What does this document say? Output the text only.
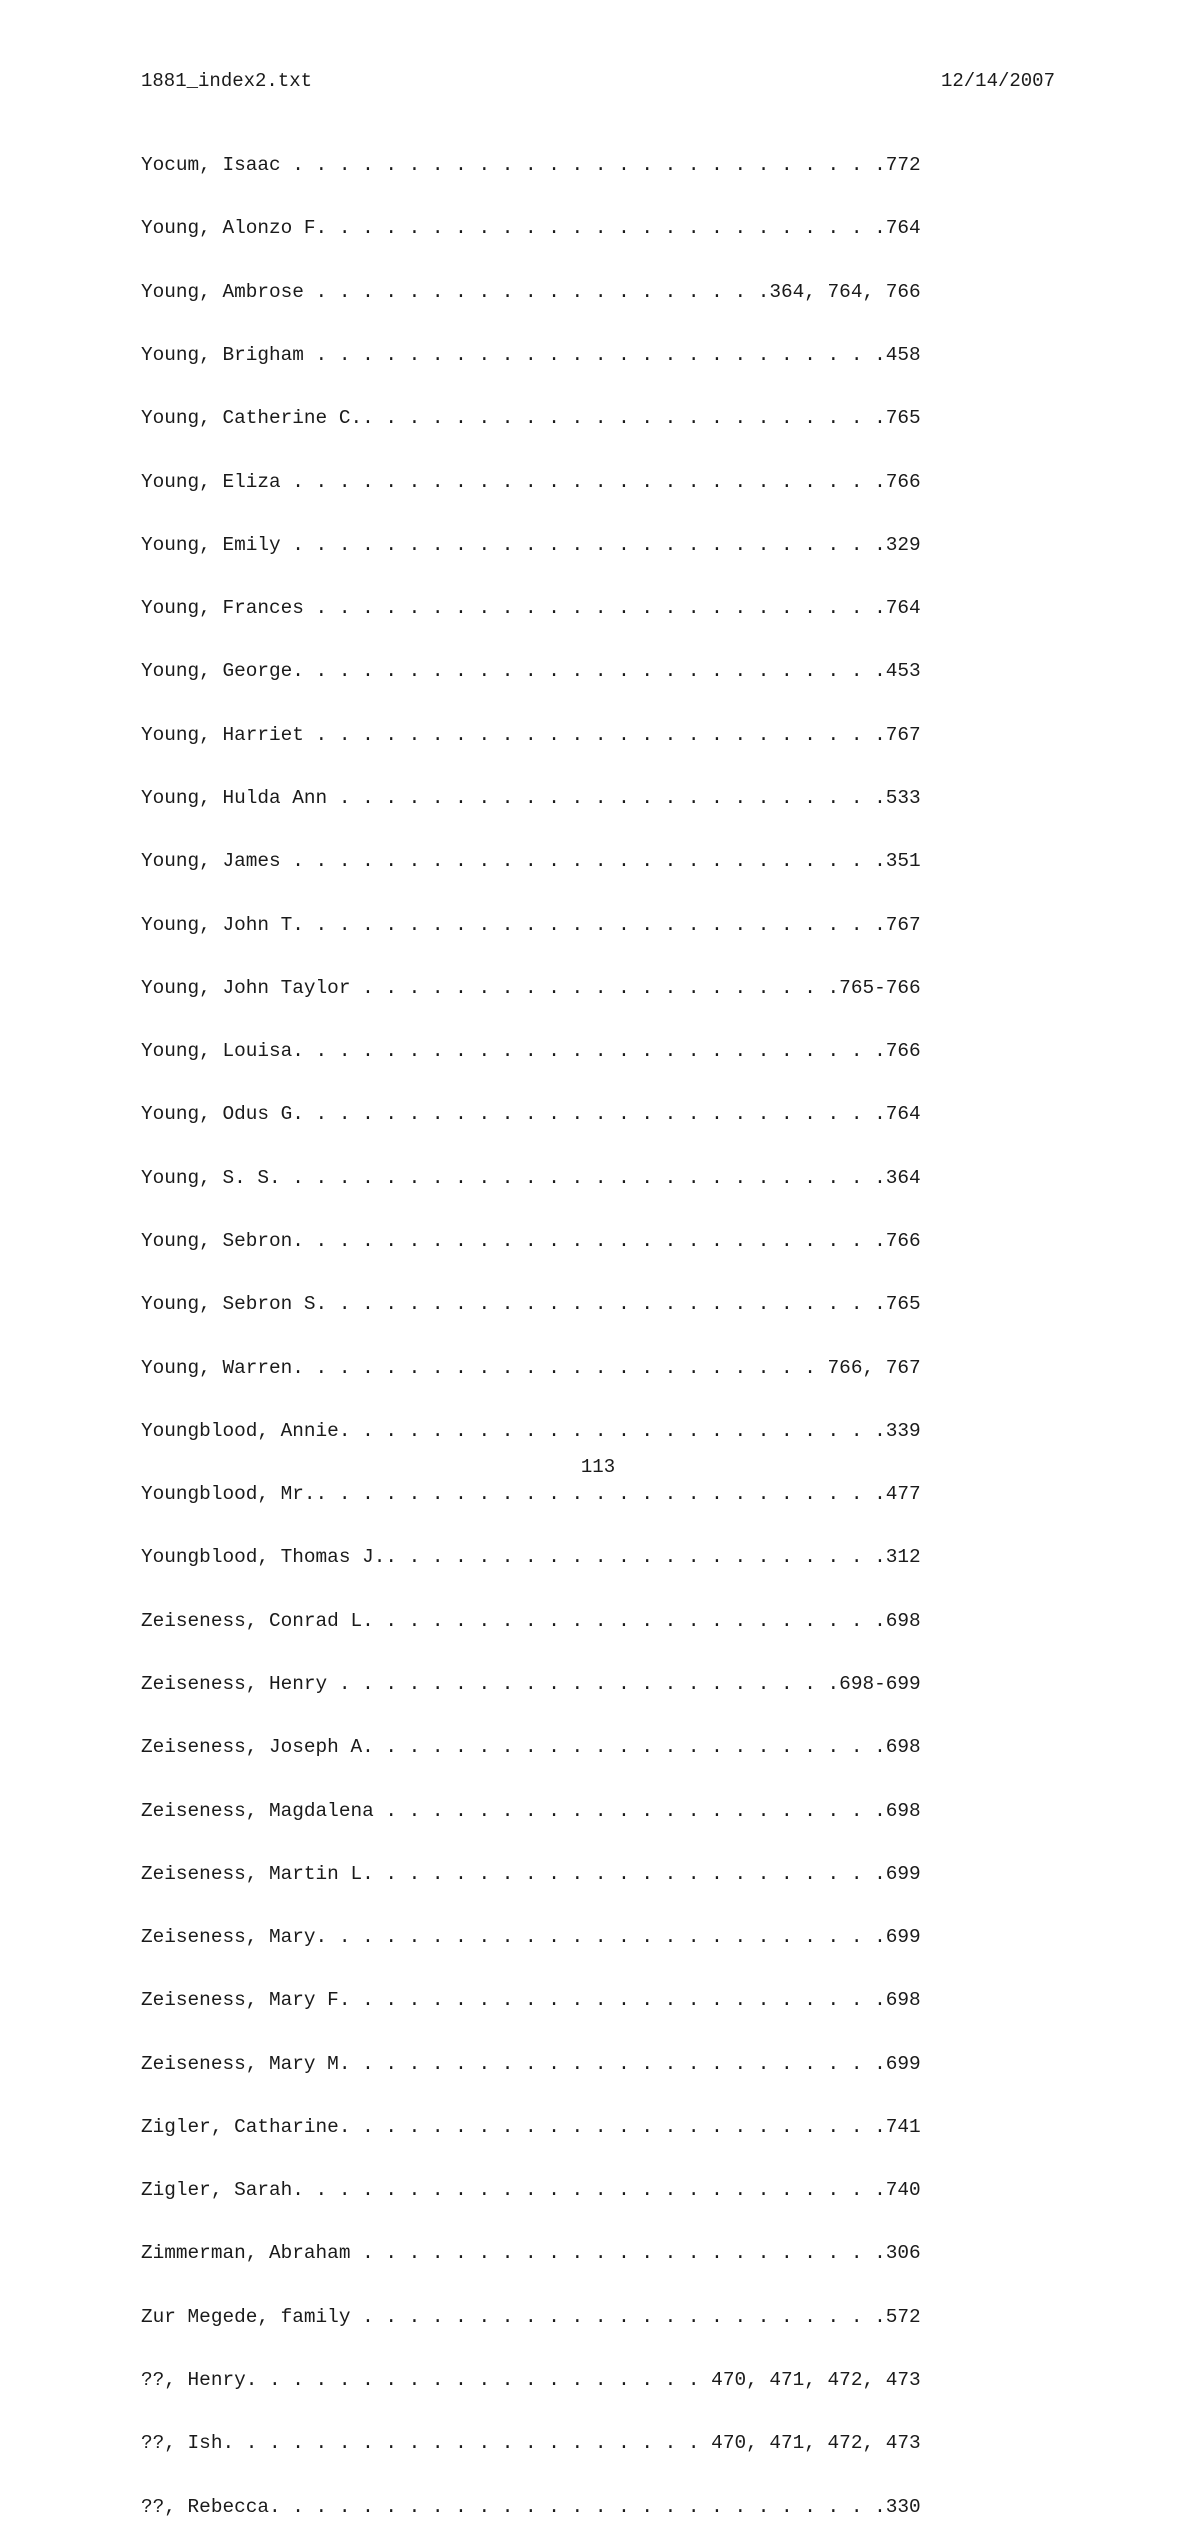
1881_index2.txt	12/14/2007

Yocum, Isaac . . . . . . . . . . . . . . . . . . . . . . . . . .772

Young, Alonzo F. . . . . . . . . . . . . . . . . . . . . . . . .764

Young, Ambrose . . . . . . . . . . . . . . . . . . . .364, 764, 766

Young, Brigham . . . . . . . . . . . . . . . . . . . . . . . . .458

Young, Catherine C.. . . . . . . . . . . . . . . . . . . . . . .765

Young, Eliza . . . . . . . . . . . . . . . . . . . . . . . . . .766

Young, Emily . . . . . . . . . . . . . . . . . . . . . . . . . .329

Young, Frances . . . . . . . . . . . . . . . . . . . . . . . . .764

Young, George. . . . . . . . . . . . . . . . . . . . . . . . . .453

Young, Harriet . . . . . . . . . . . . . . . . . . . . . . . . .767

Young, Hulda Ann . . . . . . . . . . . . . . . . . . . . . . . .533

Young, James . . . . . . . . . . . . . . . . . . . . . . . . . .351

Young, John T. . . . . . . . . . . . . . . . . . . . . . . . . .767

Young, John Taylor . . . . . . . . . . . . . . . . . . . . .765-766

Young, Louisa. . . . . . . . . . . . . . . . . . . . . . . . . .766

Young, Odus G. . . . . . . . . . . . . . . . . . . . . . . . . .764

Young, S. S. . . . . . . . . . . . . . . . . . . . . . . . . . .364

Young, Sebron. . . . . . . . . . . . . . . . . . . . . . . . . .766

Young, Sebron S. . . . . . . . . . . . . . . . . . . . . . . . .765

Young, Warren. . . . . . . . . . . . . . . . . . . . . . . 766, 767

Youngblood, Annie. . . . . . . . . . . . . . . . . . . . . . . .339

Youngblood, Mr.. . . . . . . . . . . . . . . . . . . . . . . . .477

Youngblood, Thomas J.. . . . . . . . . . . . . . . . . . . . . .312

Zeiseness, Conrad L. . . . . . . . . . . . . . . . . . . . . . .698

Zeiseness, Henry . . . . . . . . . . . . . . . . . . . . . .698-699

Zeiseness, Joseph A. . . . . . . . . . . . . . . . . . . . . . .698

Zeiseness, Magdalena . . . . . . . . . . . . . . . . . . . . . .698

Zeiseness, Martin L. . . . . . . . . . . . . . . . . . . . . . .699

Zeiseness, Mary. . . . . . . . . . . . . . . . . . . . . . . . .699

Zeiseness, Mary F. . . . . . . . . . . . . . . . . . . . . . . .698

Zeiseness, Mary M. . . . . . . . . . . . . . . . . . . . . . . .699

Zigler, Catharine. . . . . . . . . . . . . . . . . . . . . . . .741

Zigler, Sarah. . . . . . . . . . . . . . . . . . . . . . . . . .740

Zimmerman, Abraham . . . . . . . . . . . . . . . . . . . . . . .306

Zur Megede, family . . . . . . . . . . . . . . . . . . . . . . .572

??, Henry. . . . . . . . . . . . . . . . . . . . 470, 471, 472, 473

??, Ish. . . . . . . . . . . . . . . . . . . . . 470, 471, 472, 473

??, Rebecca. . . . . . . . . . . . . . . . . . . . . . . . . . .330

113
